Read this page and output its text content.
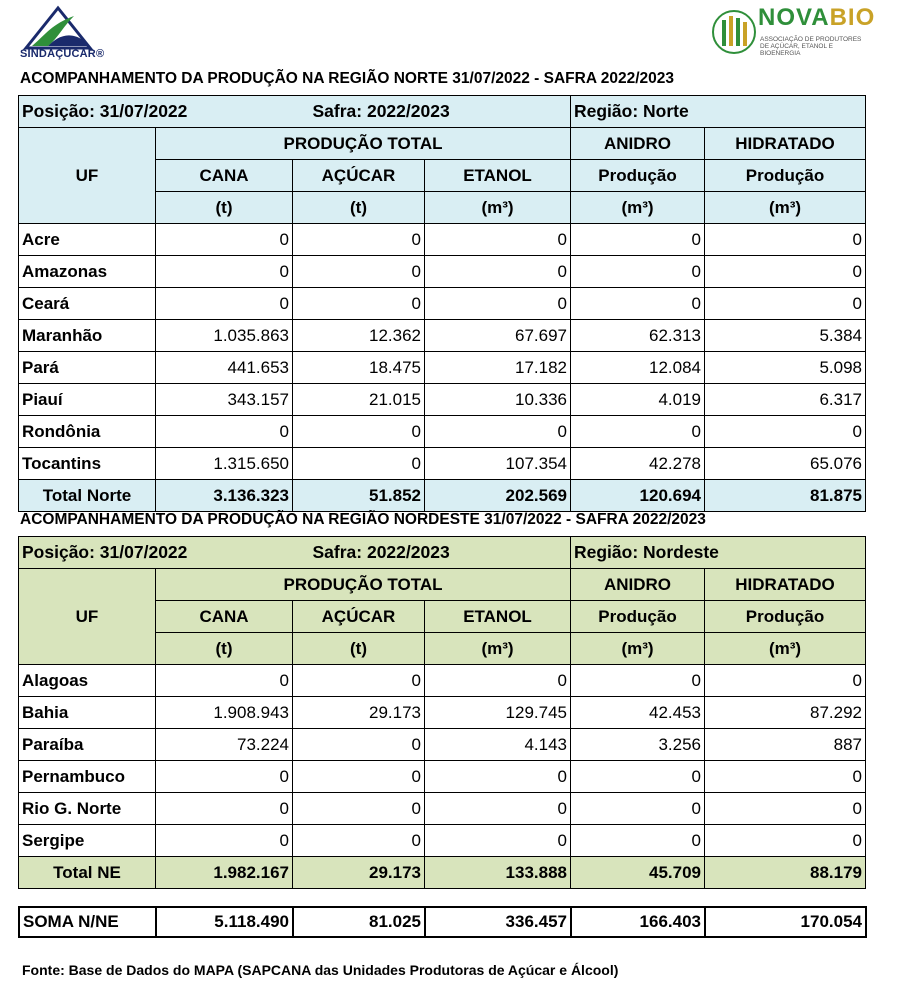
SINDAÇÚCAR®
NOVABIO
ASSOCIAÇÃO DE PRODUTORES DE AÇÚCAR, ETANOL E BIOENERGIA
ACOMPANHAMENTO DA PRODUÇÃO NA REGIÃO NORTE 31/07/2022 - SAFRA 2022/2023
Posição: 31/07/2022		Safra: 2022/2023		Região: Norte	
UF	PRODUÇÃO TOTAL			ANIDRO	HIDRATADO
	CANA	AÇÚCAR	ETANOL	Produção	Produção
	(t)	(t)	(m³)	(m³)	(m³)
Acre	0	0	0	0	0
Amazonas	0	0	0	0	0
Ceará	0	0	0	0	0
Maranhão	1.035.863	12.362	67.697	62.313	5.384
Pará	441.653	18.475	17.182	12.084	5.098
Piauí	343.157	21.015	10.336	4.019	6.317
Rondônia	0	0	0	0	0
Tocantins	1.315.650	0	107.354	42.278	65.076
Total Norte	3.136.323	51.852	202.569	120.694	81.875
ACOMPANHAMENTO DA PRODUÇÃO NA REGIÃO NORDESTE 31/07/2022 - SAFRA 2022/2023
Posição: 31/07/2022		Safra: 2022/2023		Região: Nordeste	
UF	PRODUÇÃO TOTAL			ANIDRO	HIDRATADO
	CANA	AÇÚCAR	ETANOL	Produção	Produção
	(t)	(t)	(m³)	(m³)	(m³)
Alagoas	0	0	0	0	0
Bahia	1.908.943	29.173	129.745	42.453	87.292
Paraíba	73.224	0	4.143	3.256	887
Pernambuco	0	0	0	0	0
Rio G. Norte	0	0	0	0	0
Sergipe	0	0	0	0	0
Total NE	1.982.167	29.173	133.888	45.709	88.179
SOMA N/NE	5.118.490	81.025	336.457	166.403	170.054
Fonte: Base de Dados do MAPA (SAPCANA das Unidades Produtoras de Açúcar e Álcool)
